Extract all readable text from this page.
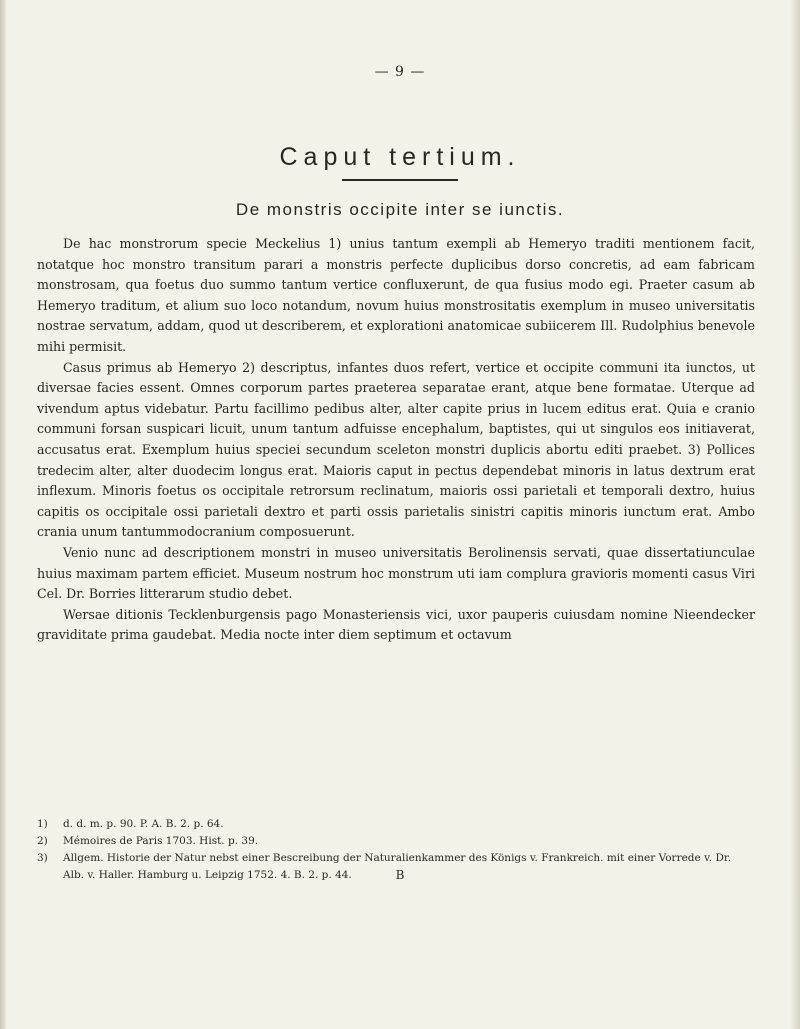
— 9 —
Caput tertium.
De monstris occipite inter se iunctis.

De hac monstrorum specie Meckelius 1) unius tantum exempli ab Hemeryo traditi mentionem facit, notatque hoc monstro transitum parari a monstris perfecte duplicibus dorso concretis, ad eam fabricam monstrosam, qua foetus duo summo tantum vertice confluxerunt, de qua fusius modo egi. Praeter casum ab Hemeryo traditum, et alium suo loco notandum, novum huius monstrositatis exemplum in museo universitatis nostrae servatum, addam, quod ut describerem, et explorationi anatomicae subiicerem Ill. Rudolphius benevole mihi permisit.

Casus primus ab Hemeryo 2) descriptus, infantes duos refert, vertice et occipite communi ita iunctos, ut diversae facies essent. Omnes corporum partes praeterea separatae erant, atque bene formatae. Uterque ad vivendum aptus videbatur. Partu facillimo pedibus alter, alter capite prius in lucem editus erat. Quia e cranio communi forsan suspicari licuit, unum tantum adfuisse encephalum, baptistes, qui ut singulos eos initiaverat, accusatus erat. Exemplum huius speciei secundum sceleton monstri duplicis abortu editi praebet. 3) Pollices tredecim alter, alter duodecim longus erat. Maioris caput in pectus dependebat minoris in latus dextrum erat inflexum. Minoris foetus os occipitale retrorsum reclinatum, maioris ossi parietali et temporali dextro, huius capitis os occipitale ossi parietali dextro et parti ossis parietalis sinistri capitis minoris iunctum erat. Ambo crania unum tantummodocranium composuerunt.

Venio nunc ad descriptionem monstri in museo universitatis Berolinensis servati, quae dissertatiunculae huius maximam partem efficiet. Museum nostrum hoc monstrum uti iam complura gravioris momenti casus Viri Cel. Dr. Borries litterarum studio debet.

Wersae ditionis Tecklenburgensis pago Monasteriensis vici, uxor pauperis cuiusdam nomine Nieendecker graviditate prima gaudebat. Media nocte inter diem septimum et octavum

1)	d. d. m. p. 90. P. A. B. 2. p. 64.
2)	Mémoires de Paris 1703. Hist. p. 39.
3)	Allgem. Historie der Natur nebst einer Bescreibung der Naturalienkammer des Königs v. Frankreich. mit einer Vorrede v. Dr. Alb. v. Haller. Hamburg u. Leipzig 1752. 4. B. 2. p. 44.	B
